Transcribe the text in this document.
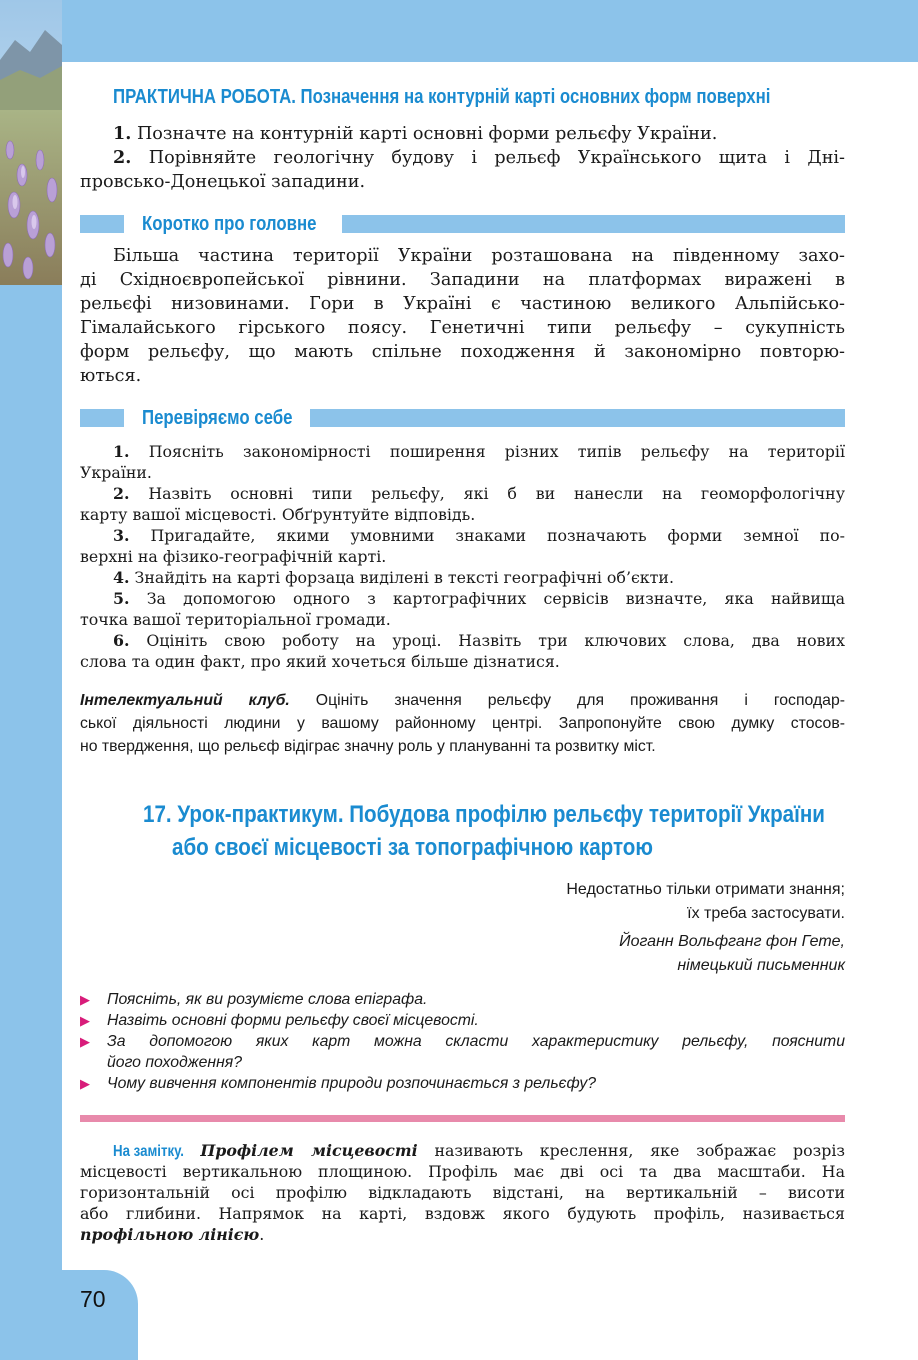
70
ПРАКТИЧНА РОБОТА. Позначення на контурній карті основних форм поверхні
1. Позначте на контурній карті основні форми рельєфу України.
2. Порівняйте геологічну будову і рельєф Українського щита і Дні-
провсько-Донецької западини.
Коротко про головне
Більша частина території України розташована на південному захо-
ді Східноєвропейської рівнини. Западини на платформах виражені в
рельєфі низовинами. Гори в Україні є частиною великого Альпійсько-
Гімалайського гірського поясу. Генетичні типи рельєфу – сукупність
форм рельєфу, що мають спільне походження й закономірно повторю-
ються.
Перевіряємо себе
1. Поясніть закономірності поширення різних типів рельєфу на території
України.
2. Назвіть основні типи рельєфу, які б ви нанесли на геоморфологічну
карту вашої місцевості. Обґрунтуйте відповідь.
3. Пригадайте, якими умовними знаками позначають форми земної по-
верхні на фізико-географічній карті.
4. Знайдіть на карті форзаца виділені в тексті географічні об’єкти.
5. За допомогою одного з картографічних сервісів визначте, яка найвища
точка вашої територіальної громади.
6. Оцініть свою роботу на уроці. Назвіть три ключових слова, два нових
слова та один факт, про який хочеться більше дізнатися.
Інтелектуальний клуб. Оцініть значення рельєфу для проживання і господар-
ської діяльності людини у вашому районному центрі. Запропонуйте свою думку стосов-
но твердження, що рельєф відіграє значну роль у плануванні та розвитку міст.
17. Урок-практикум. Побудова профілю рельєфу території України
або своєї місцевості за топографічною картою
Недостатньо тільки отримати знання;
їх треба застосувати.
Йоганн Вольфганг фон Гете,
німецький письменник
▶ Поясніть, як ви розумієте слова епіграфа.
▶ Назвіть основні форми рельєфу своєї місцевості.
▶ За допомогою яких карт можна скласти характеристику рельєфу, пояснити
його походження?
▶ Чому вивчення компонентів природи розпочинається з рельєфу?
На замітку. Профілем місцевості називають креслення, яке зображає розріз
місцевості вертикальною площиною. Профіль має дві осі та два масштаби. На
горизонтальній осі профілю відкладають відстані, на вертикальній – висоти
або глибини. Напрямок на карті, вздовж якого будують профіль, називається
профільною лінією.
